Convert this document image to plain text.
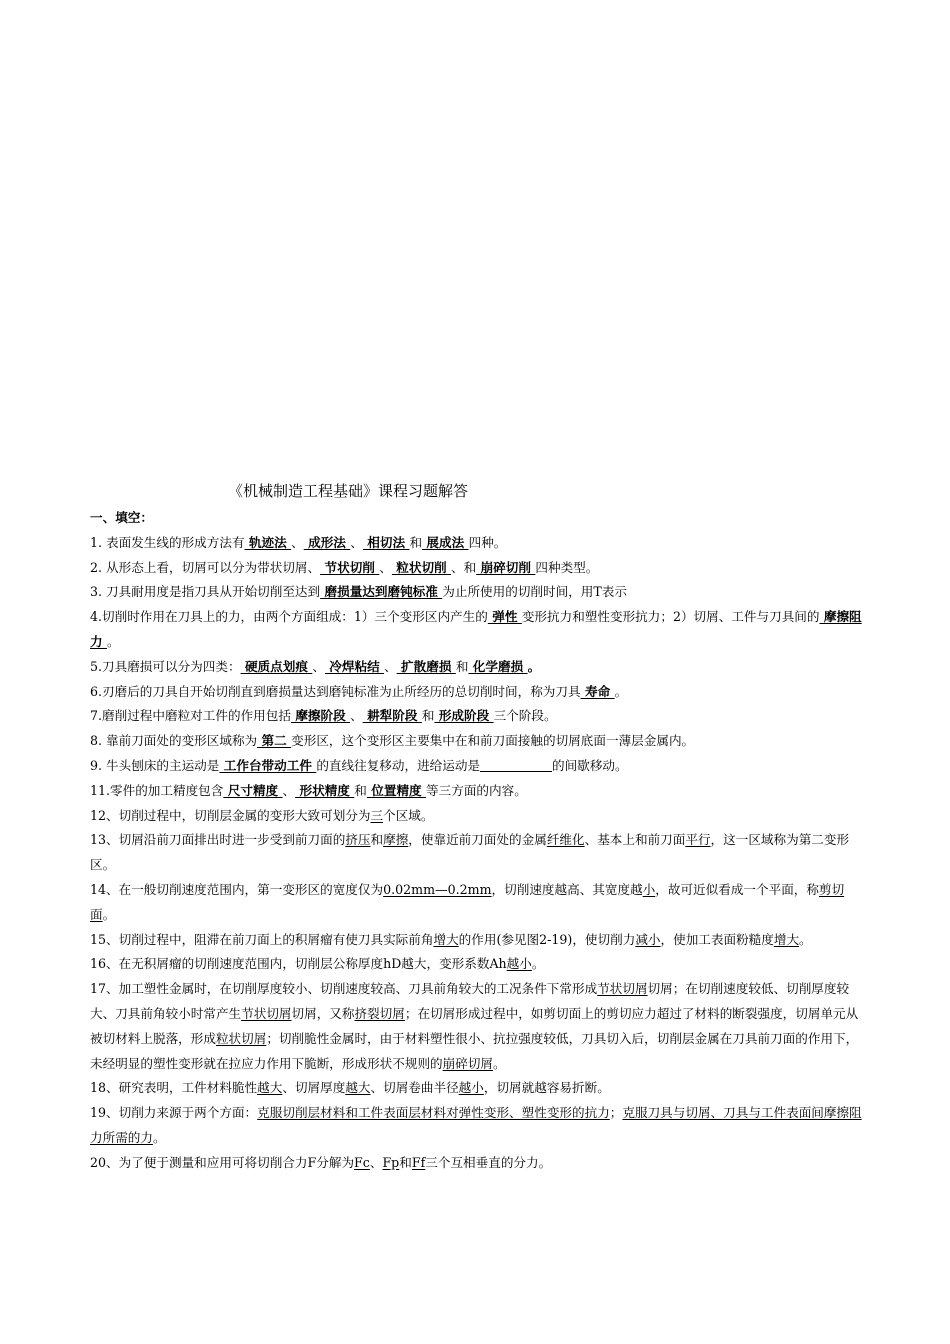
《机械制造工程基础》课程习题解答

一、填空：

1. 表面发生线的形成方法有 轨迹法 、 成形法 、 相切法 和 展成法 四种。

2. 从形态上看，切屑可以分为带状切屑、 节状切削 、 粒状切削 、和 崩碎切削 四种类型。

3. 刀具耐用度是指刀具从开始切削至达到 磨损量达到磨钝标准 为止所使用的切削时间，用T表示

4.切削时作用在刀具上的力，由两个方面组成：1）三个变形区内产生的 弹性 变形抗力和塑性变形抗力；2）切屑、工件与刀具间的 摩擦阻力 。

5.刀具磨损可以分为四类： 硬质点划痕 、 冷焊粘结 、 扩散磨损 和 化学磨损 。

6.刃磨后的刀具自开始切削直到磨损量达到磨钝标准为止所经历的总切削时间，称为刀具 寿命 。

7.磨削过程中磨粒对工件的作用包括 摩擦阶段 、 耕犁阶段 和 形成阶段 三个阶段。

8. 靠前刀面处的变形区域称为 第二 变形区，这个变形区主要集中在和前刀面接触的切屑底面一薄层金属内。

9. 牛头刨床的主运动是 工作台带动工件 的直线往复移动，进给运动是	的间歇移动。

11.零件的加工精度包含 尺寸精度 、 形状精度 和 位置精度 等三方面的内容。

12、切削过程中，切削层金属的变形大致可划分为三个区域。

13、切屑沿前刀面排出时进一步受到前刀面的挤压和摩擦，使靠近前刀面处的金属纤维化、基本上和前刀面平行，这一区域称为第二变形区。

14、在一般切削速度范围内，第一变形区的宽度仅为0.02mm—0.2mm，切削速度越高、其宽度越小，故可近似看成一个平面，称剪切面。

15、切削过程中，阻滞在前刀面上的积屑瘤有使刀具实际前角增大的作用(参见图2-19)，使切削力减小，使加工表面粉糙度增大。

16、在无积屑瘤的切削速度范围内，切削层公称厚度hD越大，变形系数Ah越小。

17、加工塑性金属时，在切削厚度较小、切削速度较高、刀具前角较大的工况条件下常形成节状切屑切屑；在切削速度较低、切削厚度较大、刀具前角较小时常产生节状切屑切屑，又称挤裂切屑；在切屑形成过程中，如剪切面上的剪切应力超过了材料的断裂强度，切屑单元从被切材料上脱落，形成粒状切屑；切削脆性金属时，由于材料塑性很小、抗拉强度较低，刀具切入后，切削层金属在刀具前刀面的作用下，未经明显的塑性变形就在拉应力作用下脆断，形成形状不规则的崩碎切屑。

18、研究表明，工件材料脆性越大、切屑厚度越大、切屑卷曲半径越小，切屑就越容易折断。

19、切削力来源于两个方面：克服切削层材料和工件表面层材料对弹性变形、塑性变形的抗力；克服刀具与切屑、刀具与工件表面间摩擦阻力所需的力。

20、为了便于测量和应用可将切削合力F分解为Fc、Fp和Ff三个互相垂直的分力。
